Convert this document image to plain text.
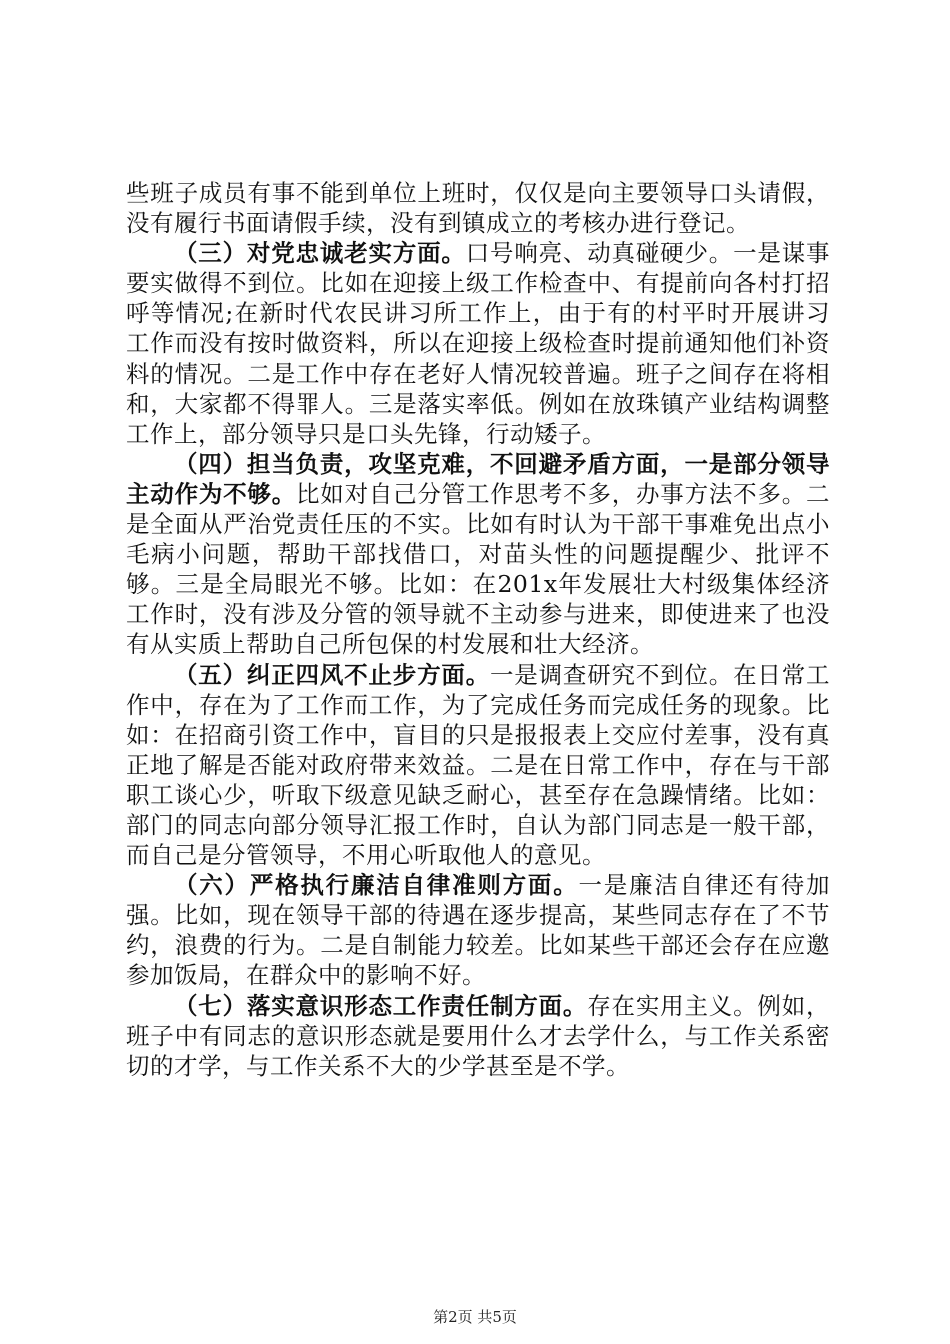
些班子成员有事不能到单位上班时，仅仅是向主要领导口头请假，没有履行书面请假手续，没有到镇成立的考核办进行登记。

（三）对党忠诚老实方面。口号响亮、动真碰硬少。一是谋事要实做得不到位。比如在迎接上级工作检查中、有提前向各村打招呼等情况;在新时代农民讲习所工作上，由于有的村平时开展讲习工作而没有按时做资料，所以在迎接上级检查时提前通知他们补资料的情况。二是工作中存在老好人情况较普遍。班子之间存在将相和，大家都不得罪人。三是落实率低。例如在放珠镇产业结构调整工作上，部分领导只是口头先锋，行动矮子。

（四）担当负责，攻坚克难，不回避矛盾方面，一是部分领导主动作为不够。比如对自己分管工作思考不多，办事方法不多。二是全面从严治党责任压的不实。比如有时认为干部干事难免出点小毛病小问题，帮助干部找借口，对苗头性的问题提醒少、批评不够。三是全局眼光不够。比如：在201x年发展壮大村级集体经济工作时，没有涉及分管的领导就不主动参与进来，即使进来了也没有从实质上帮助自己所包保的村发展和壮大经济。

（五）纠正四风不止步方面。一是调查研究不到位。在日常工作中，存在为了工作而工作，为了完成任务而完成任务的现象。比如：在招商引资工作中，盲目的只是报报表上交应付差事，没有真正地了解是否能对政府带来效益。二是在日常工作中，存在与干部职工谈心少，听取下级意见缺乏耐心，甚至存在急躁情绪。比如：部门的同志向部分领导汇报工作时，自认为部门同志是一般干部，而自己是分管领导，不用心听取他人的意见。

（六）严格执行廉洁自律准则方面。一是廉洁自律还有待加强。比如，现在领导干部的待遇在逐步提高，某些同志存在了不节约，浪费的行为。二是自制能力较差。比如某些干部还会存在应邀参加饭局，在群众中的影响不好。

（七）落实意识形态工作责任制方面。存在实用主义。例如，班子中有同志的意识形态就是要用什么才去学什么，与工作关系密切的才学，与工作关系不大的少学甚至是不学。

第2页 共5页
